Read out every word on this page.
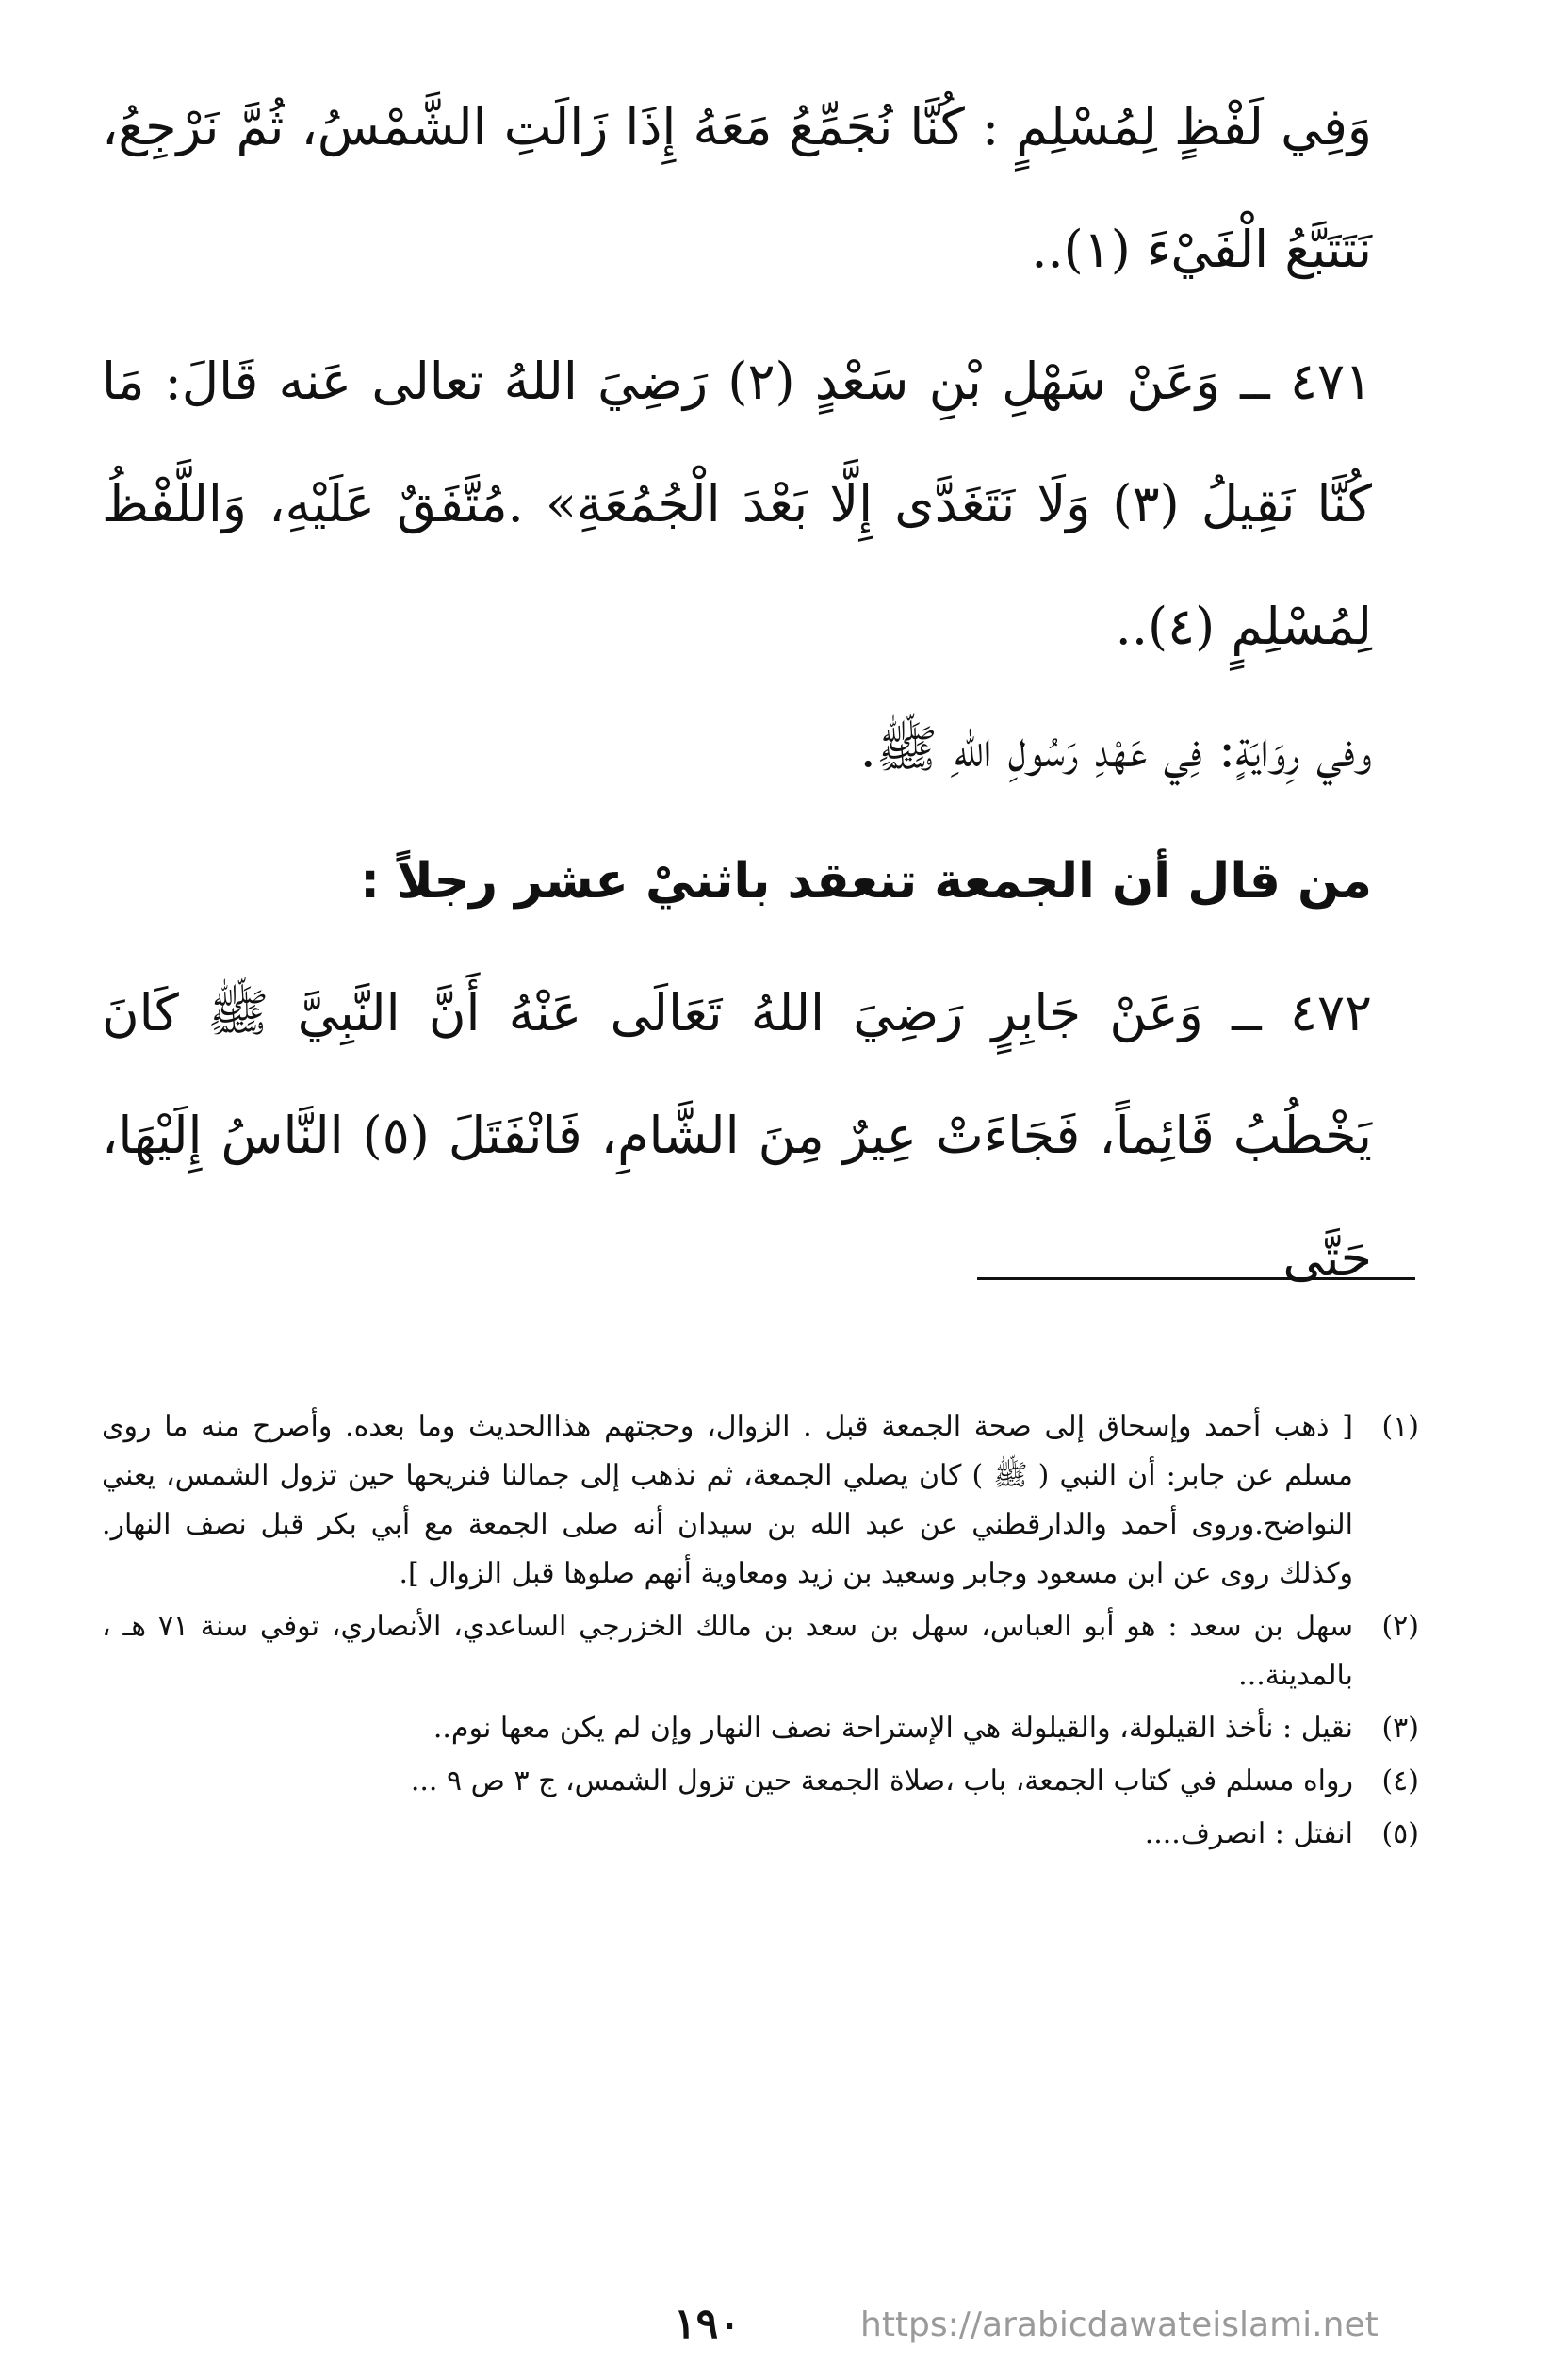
وَفِي لَفْظٍ لِمُسْلِمٍ : كُنَّا نُجَمِّعُ مَعَهُ إِذَا زَالَتِ الشَّمْسُ، ثُمَّ نَرْجِعُ، نَتَتَبَّعُ الْفَيْءَ (١)..

٤٧١ ــ وَعَنْ سَهْلِ بْنِ سَعْدٍ (٢) رَضِيَ اللهُ تعالى عَنه قَالَ: مَا كُنَّا نَقِيلُ (٣) وَلَا نَتَغَدَّى إِلَّا بَعْدَ الْجُمُعَةِ» .مُتَّفَقٌ عَلَيْهِ، وَاللَّفْظُ لِمُسْلِمٍ (٤)..

وفي رِوَايَةٍ: فِي عَهْدِ رَسُولِ اللهِ ﷺ.

من قال أن الجمعة تنعقد باثنيْ عشر رجلاً :

٤٧٢ ــ وَعَنْ جَابِرٍ رَضِيَ اللهُ تَعَالَى عَنْهُ أَنَّ النَّبِيَّ ﷺ كَانَ يَخْطُبُ قَائِماً، فَجَاءَتْ عِيرٌ مِنَ الشَّامِ، فَانْفَتَلَ (٥) النَّاسُ إِلَيْهَا، حَتَّى

(١)
[ ذهب أحمد وإسحاق إلى صحة الجمعة قبل . الزوال، وحجتهم هذاالحديث وما بعده. وأصرح منه ما روى مسلم عن جابر: أن النبي ( ﷺ ) كان يصلي الجمعة، ثم نذهب إلى جمالنا فنريحها حين تزول الشمس، يعني النواضح.وروى أحمد والدارقطني عن عبد الله بن سيدان أنه صلى الجمعة مع أبي بكر قبل نصف النهار. وكذلك روى عن ابن مسعود وجابر وسعيد بن زيد ومعاوية أنهم صلوها قبل الزوال ].
(٢)
سهل بن سعد : هو أبو العباس، سهل بن سعد بن مالك الخزرجي الساعدي، الأنصاري، توفي سنة ٧١ هـ ، بالمدينة...
(٣)
نقيل : نأخذ القيلولة، والقيلولة هي الإستراحة نصف النهار وإن لم يكن معها نوم..
(٤)
رواه مسلم في كتاب الجمعة، باب ،صلاة الجمعة حين تزول الشمس، ج ٣ ص ٩ ...
(٥)
انفتل : انصرف....
١٩٠	https://arabicdawateislami.net
